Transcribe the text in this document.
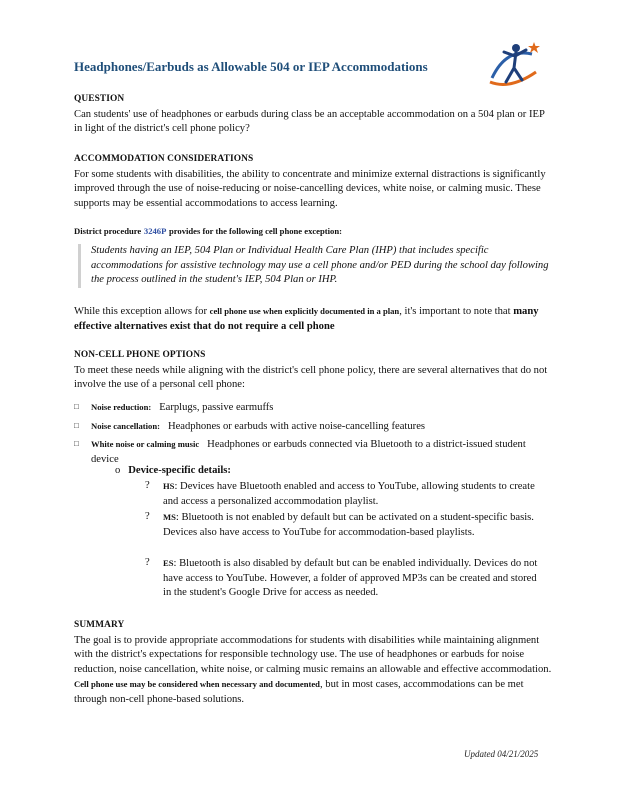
Headphones/Earbuds as Allowable 504 or IEP Accommodations
QUESTION

Can students' use of headphones or earbuds during class be an acceptable accommodation on a 504 plan or IEP in light of the district's cell phone policy?

ACCOMMODATION CONSIDERATIONS

For some students with disabilities, the ability to concentrate and minimize external distractions is significantly improved through the use of noise-reducing or noise-cancelling devices, white noise, or calming music. These supports may be essential accommodations to access learning.

District procedure 3246P provides for the following cell phone exception:
Students having an IEP, 504 Plan or Individual Health Care Plan (IHP) that includes specific accommodations for assistive technology may use a cell phone and/or PED during the school day following the process outlined in the student's IEP, 504 Plan or IHP.
While this exception allows for cell phone use when explicitly documented in a plan, it's important to note that many effective alternatives exist that do not require a cell phone
NON-CELL PHONE OPTIONS

To meet these needs while aligning with the district's cell phone policy, there are several alternatives that do not involve the use of a personal cell phone:

□ Noise reduction: Earplugs, passive earmuffs

□ Noise cancellation: Headphones or earbuds with active noise-cancelling features

□ White noise or calming music Headphones or earbuds connected via Bluetooth to a district-issued student device

o Device-specific details:
?	HS: Devices have Bluetooth enabled and access to YouTube, allowing students to create and access a personalized accommodation playlist.
?	MS: Bluetooth is not enabled by default but can be activated on a student-specific basis. Devices also have access to YouTube for accommodation-based playlists.
?	ES: Bluetooth is also disabled by default but can be enabled individually. Devices do not have access to YouTube. However, a folder of approved MP3s can be created and stored in the student's Google Drive for access as needed.
SUMMARY

The goal is to provide appropriate accommodations for students with disabilities while maintaining alignment with the district's expectations for responsible technology use. The use of headphones or earbuds for noise reduction, noise cancellation, white noise, or calming music remains an allowable and effective accommodation. Cell phone use may be considered when necessary and documented, but in most cases, accommodations can be met through non-cell phone-based solutions.

Updated 04/21/2025
